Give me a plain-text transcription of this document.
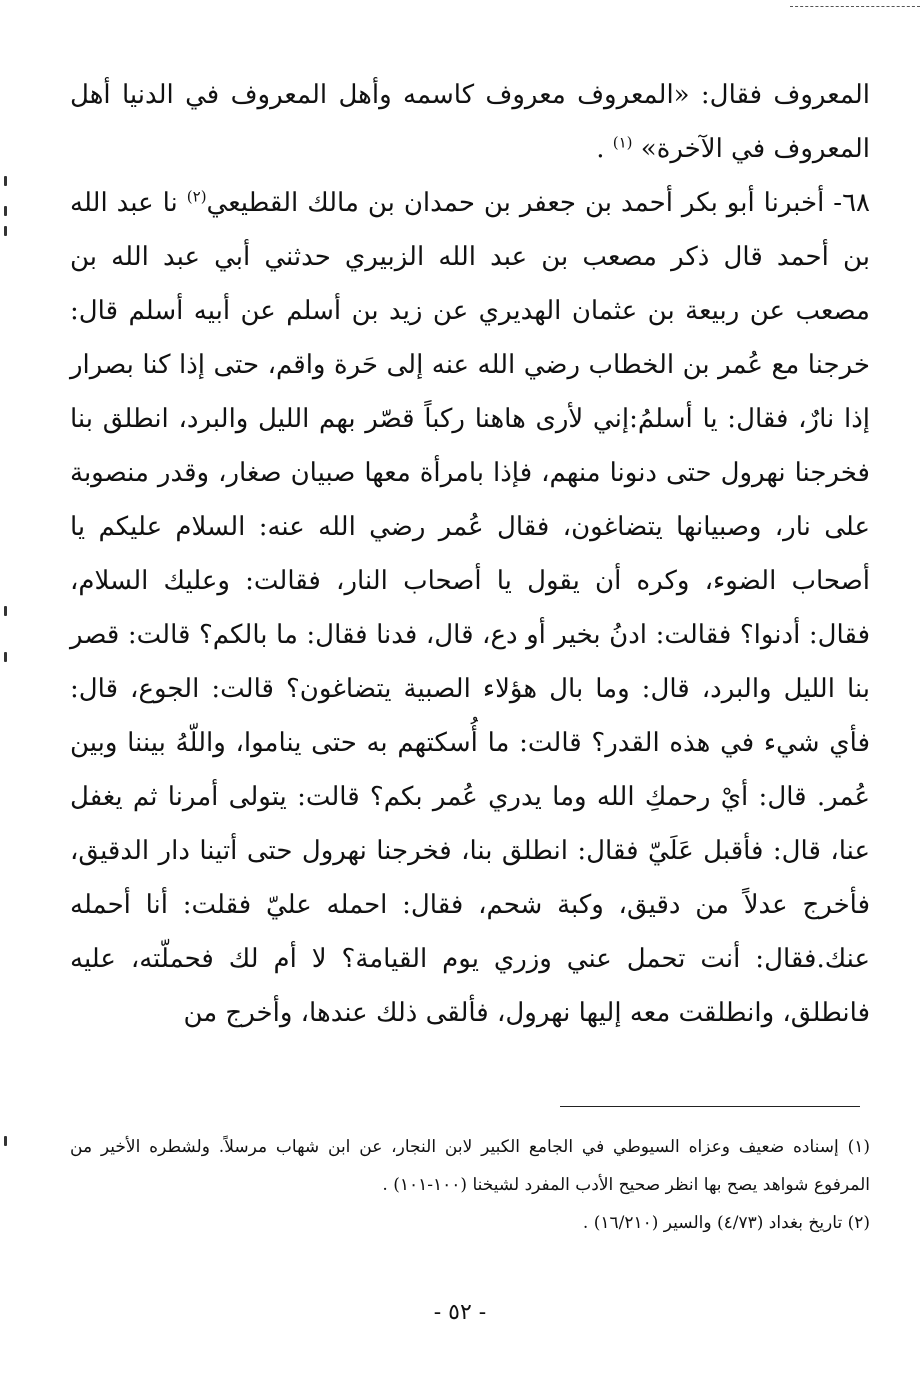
المعروف فقال: «المعروف معروف كاسمه وأهل المعروف في الدنيا أهل المعروف في الآخرة» $^{(١)}$ .

٦٨- أخبرنا أبو بكر أحمد بن جعفر بن حمدان بن مالك القطيعي$^{(٢)}$ نا عبد الله بن أحمد قال ذكر مصعب بن عبد الله الزبيري حدثني أبي عبد الله بن مصعب عن ربيعة بن عثمان الهديري عن زيد بن أسلم عن أبيه أسلم قال: خرجنا مع عُمر بن الخطاب رضي الله عنه إلى حَرة واقم، حتى إذا كنا بصرار إذا نارٌ، فقال: يا أسلمُ:إني لأرى هاهنا ركباً قصّر بهم الليل والبرد، انطلق بنا فخرجنا نهرول حتى دنونا منهم، فإذا بامرأة معها صبيان صغار، وقدر منصوبة على نار، وصبيانها يتضاغون، فقال عُمر رضي الله عنه: السلام عليكم يا أصحاب الضوء، وكره أن يقول يا أصحاب النار، فقالت: وعليك السلام، فقال: أدنوا؟ فقالت: ادنُ بخير أو دع، قال، فدنا فقال: ما بالكم؟ قالت: قصر بنا الليل والبرد، قال: وما بال هؤلاء الصبية يتضاغون؟ قالت: الجوع، قال: فأي شيء في هذه القدر؟ قالت: ما أُسكتهم به حتى يناموا، واللّهُ بيننا وبين عُمر. قال: أيْ رحمكِ الله وما يدري عُمر بكم؟ قالت: يتولى أمرنا ثم يغفل عنا، قال: فأقبل عَلَيّ فقال: انطلق بنا، فخرجنا نهرول حتى أتينا دار الدقيق، فأخرج عدلاً من دقيق، وكبة شحم، فقال: احمله عليّ فقلت: أنا أحمله عنك.فقال: أنت تحمل عني وزري يوم القيامة؟ لا أم لك فحملّته، عليه فانطلق، وانطلقت معه إليها نهرول، فألقى ذلك عندها، وأخرج من

(١) إسناده ضعيف وعزاه السيوطي في الجامع الكبير لابن النجار، عن ابن شهاب مرسلاً. ولشطره الأخير من المرفوع شواهد يصح بها انظر صحيح الأدب المفرد لشيخنا (١٠٠-١٠١) .

(٢) تاريخ بغداد (٤/٧٣) والسير (١٦/٢١٠) .

- ٥٢ -
